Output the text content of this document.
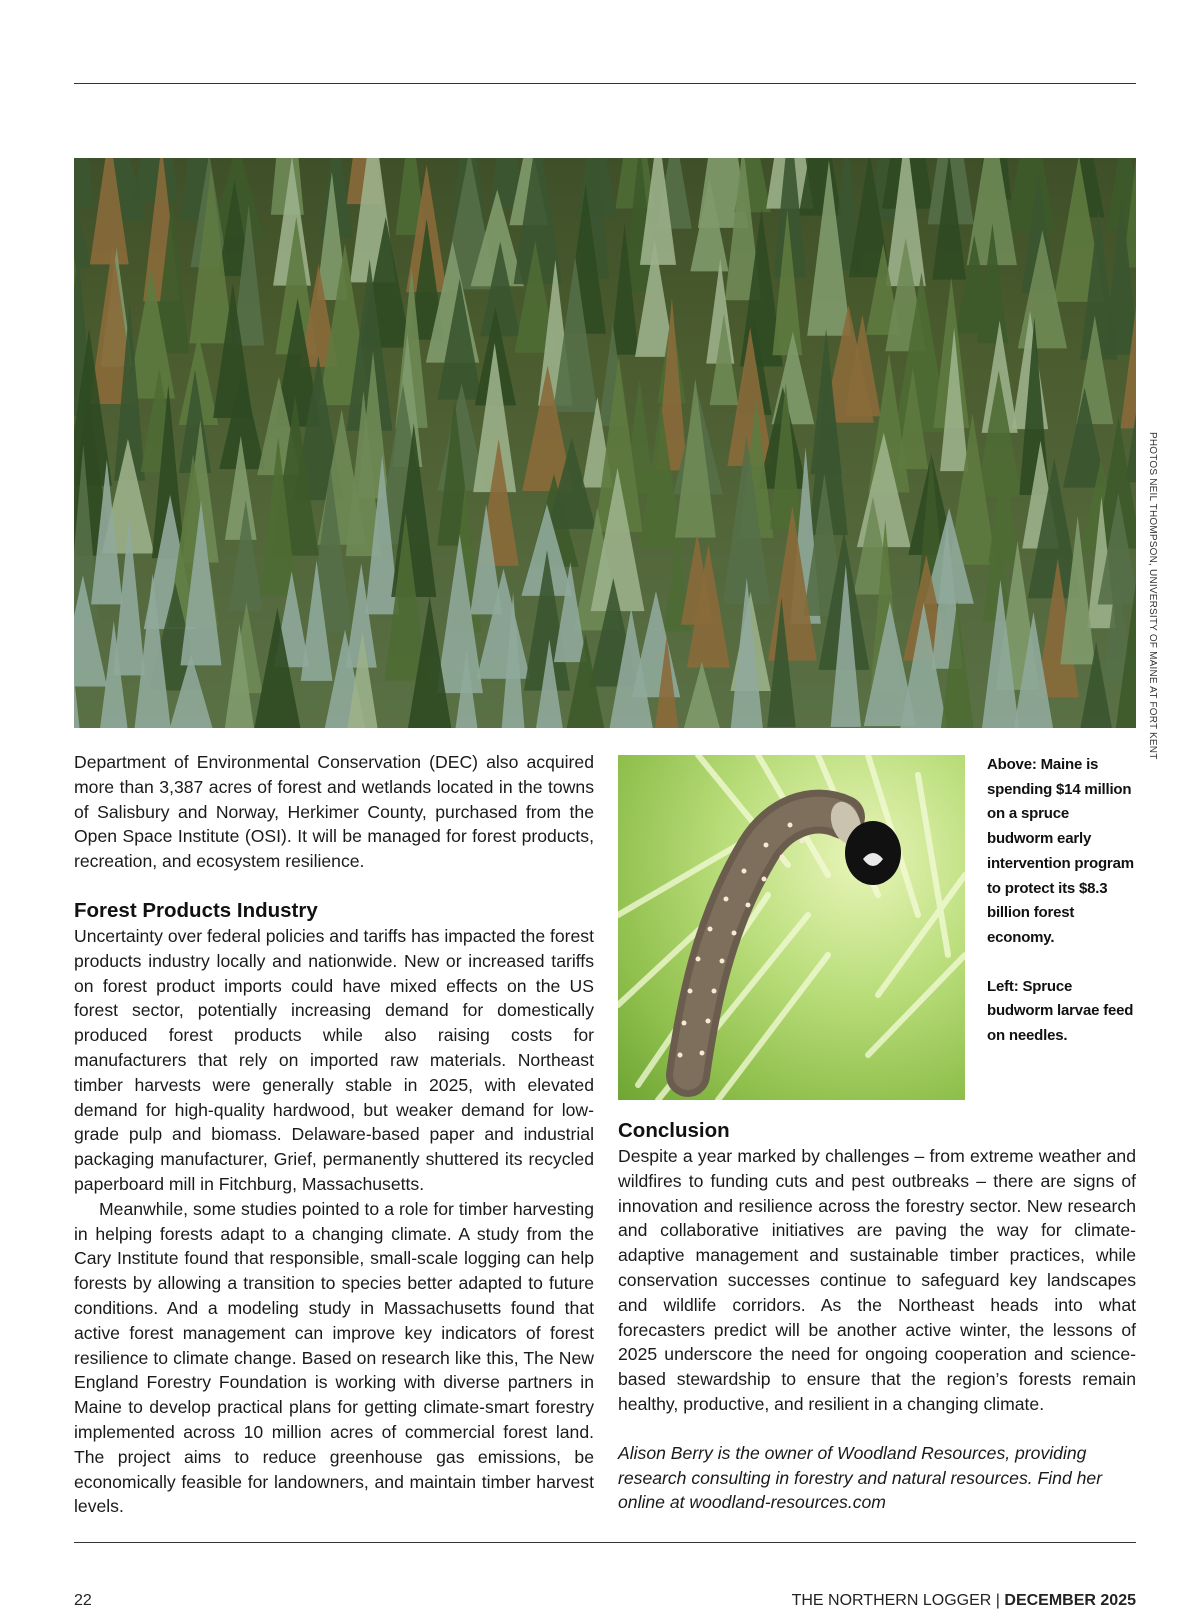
PHOTOS NEIL THOMPSON, UNIVERSITY OF MAINE AT FORT KENT

Department of Environmental Conservation (DEC) also acquired more than 3,387 acres of forest and wetlands located in the towns of Salisbury and Norway, Herkimer County, purchased from the Open Space Institute (OSI). It will be managed for forest products, recreation, and ecosystem resilience.

Forest Products Industry

Uncertainty over federal policies and tariffs has impacted the forest products industry locally and nationwide. New or increased tariffs on forest product imports could have mixed effects on the US forest sector, potentially increasing demand for domestically produced forest products while also raising costs for manufacturers that rely on imported raw materials. Northeast timber harvests were generally stable in 2025, with elevated demand for high-quality hardwood, but weaker demand for low-grade pulp and biomass. Delaware-based paper and industrial packaging manufacturer, Grief, permanently shuttered its recycled paperboard mill in Fitchburg, Massachusetts.

Meanwhile, some studies pointed to a role for timber harvesting in helping forests adapt to a changing climate. A study from the Cary Institute found that responsible, small-scale logging can help forests by allowing a transition to species better adapted to future conditions. And a modeling study in Massachusetts found that active forest management can improve key indicators of forest resilience to climate change. Based on research like this, The New England Forestry Foundation is working with diverse partners in Maine to develop practical plans for getting climate-smart forestry implemented across 10 million acres of commercial forest land. The project aims to reduce greenhouse gas emissions, be economically feasible for landowners, and maintain timber harvest levels.

Above: Maine is spending $14 million on a spruce budworm early intervention program to protect its $8.3 billion forest economy.

Left: Spruce budworm larvae feed on needles.

Conclusion

Despite a year marked by challenges – from extreme weather and wildfires to funding cuts and pest outbreaks – there are signs of innovation and resilience across the forestry sector. New research and collaborative initiatives are paving the way for climate-adaptive management and sustainable timber practices, while conservation successes continue to safeguard key landscapes and wildlife corridors. As the Northeast heads into what forecasters predict will be another active winter, the lessons of 2025 underscore the need for ongoing cooperation and science-based stewardship to ensure that the region’s forests remain healthy, productive, and resilient in a changing climate.

Alison Berry is the owner of Woodland Resources, providing research consulting in forestry and natural resources. Find her online at woodland-resources.com

22	THE NORTHERN LOGGER | DECEMBER 2025
